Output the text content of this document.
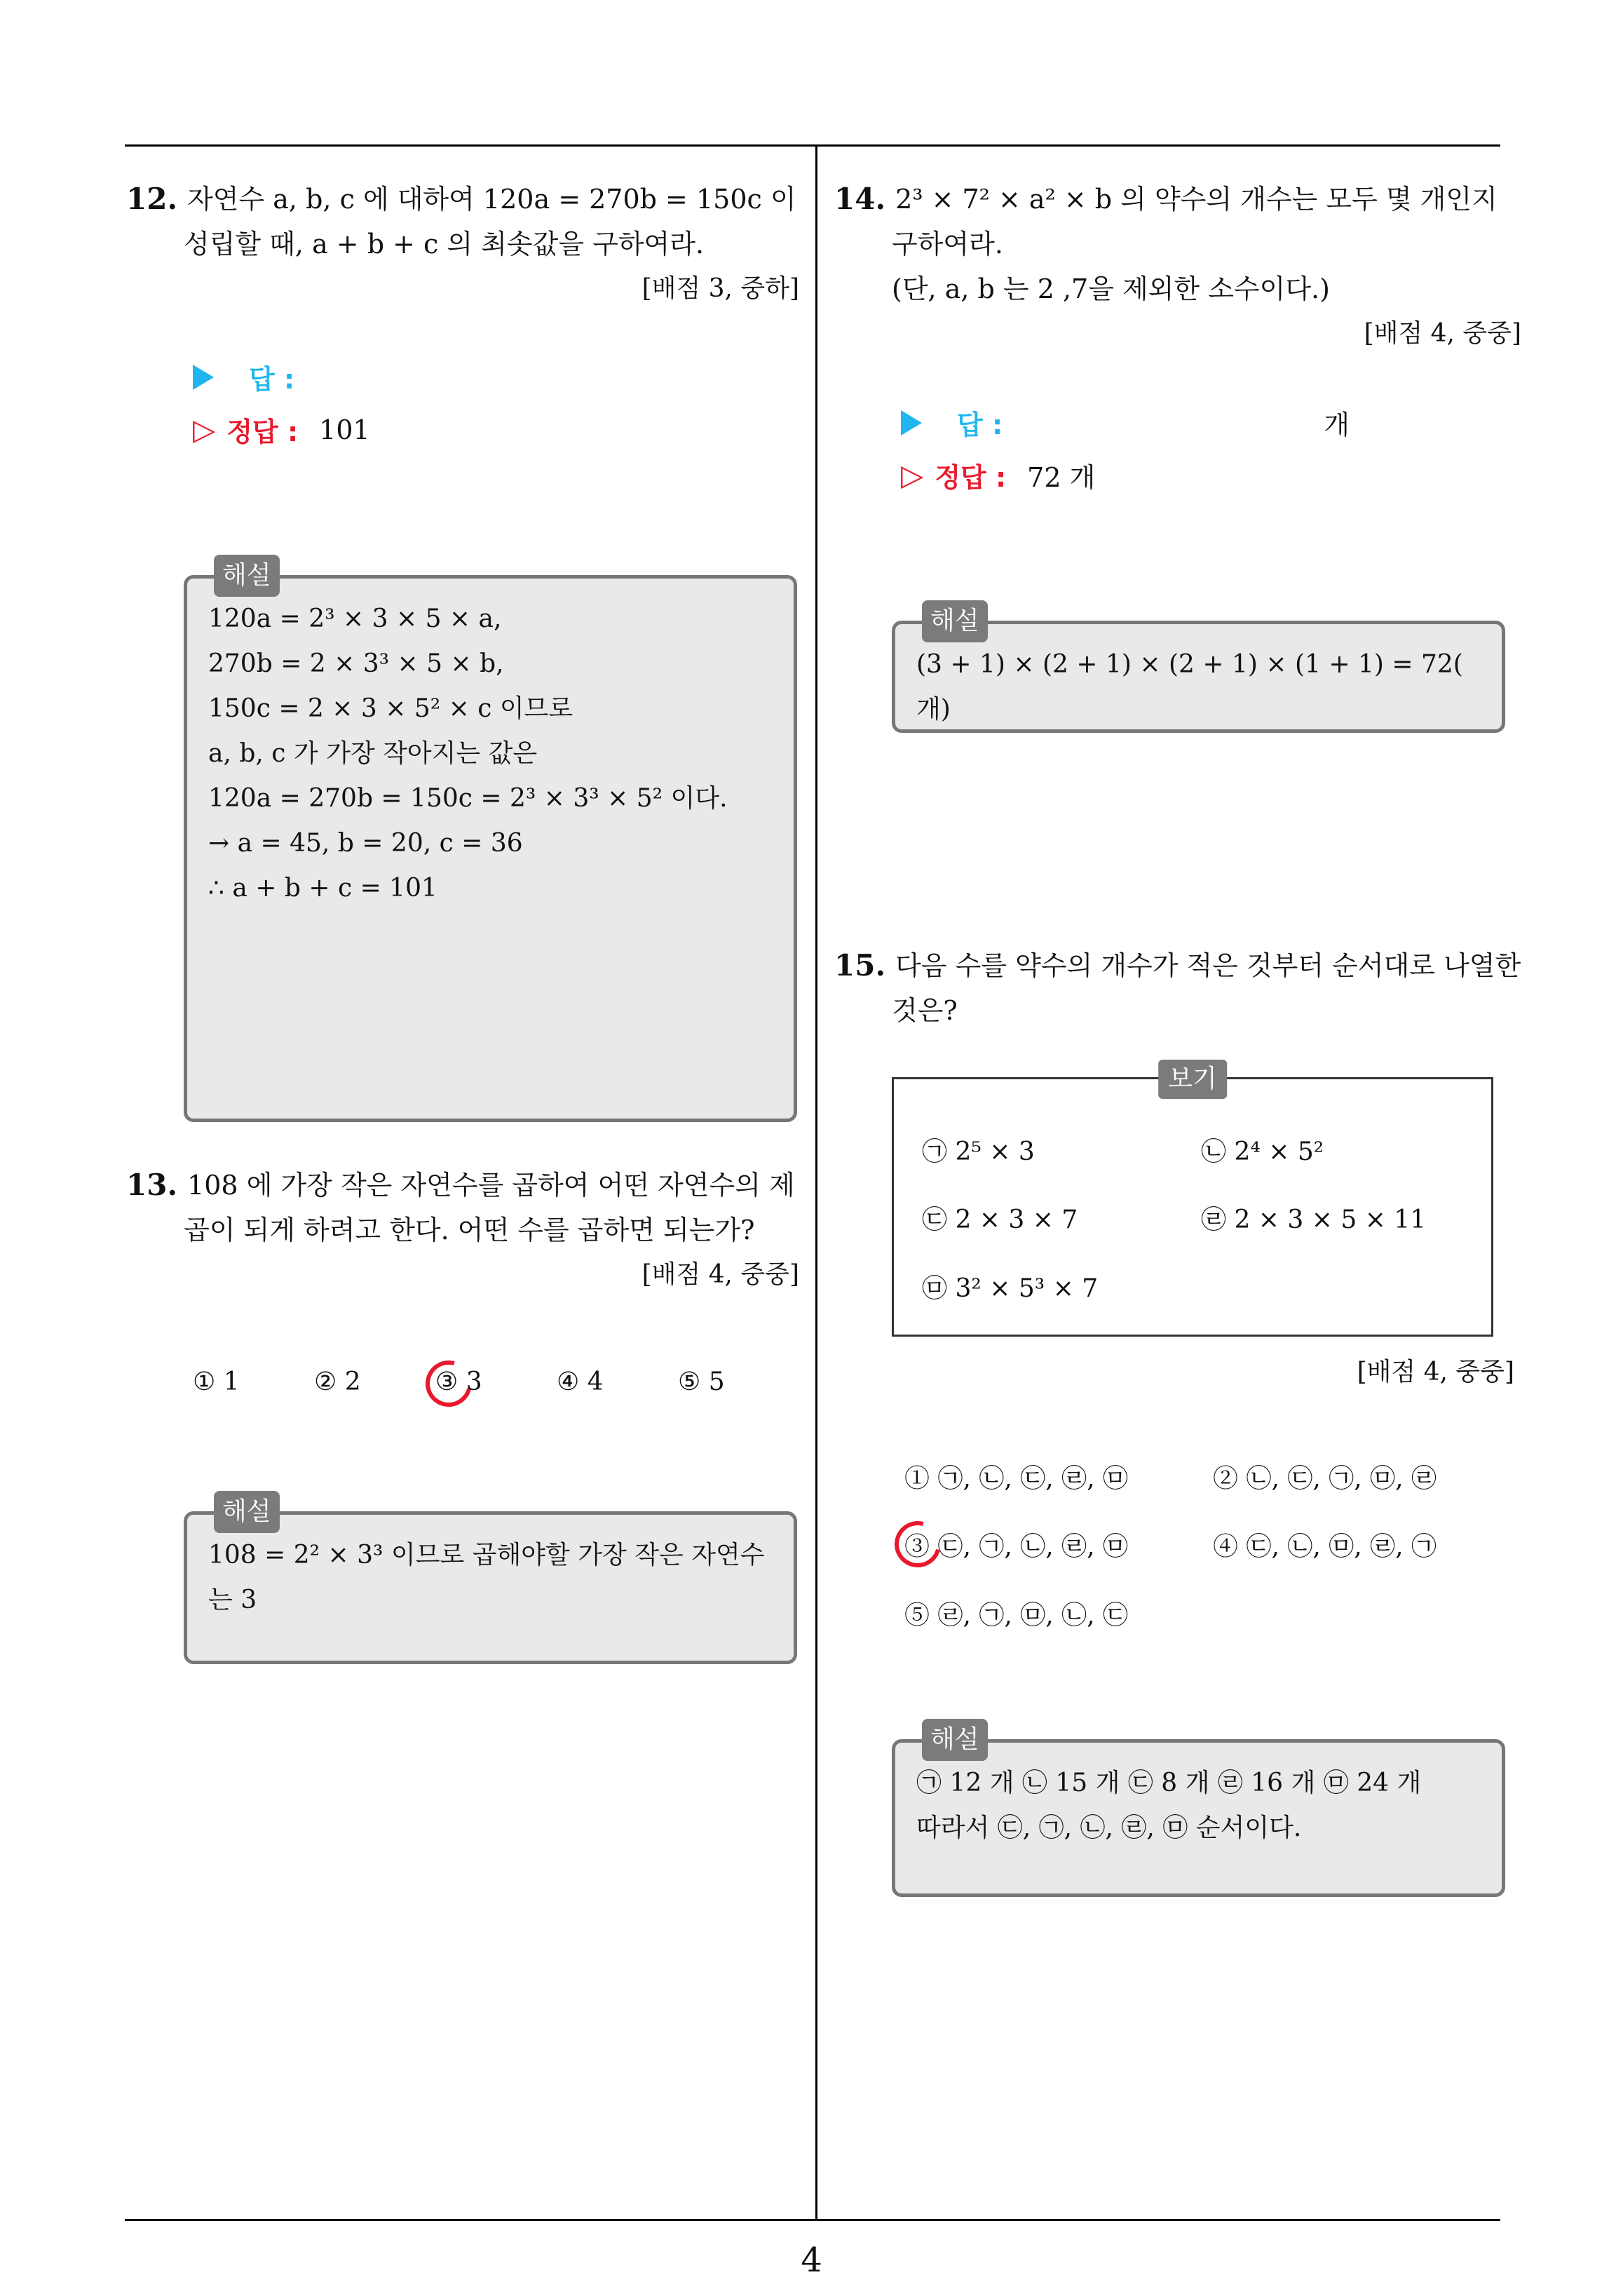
12. 자연수 a, b, c 에 대하여 120a = 270b = 150c 이
성립할 때, a + b + c 의 최솟값을 구하여라.
[배점 3, 중하]
답 :
▷ 정답 : 101
해설
120a = 2³ × 3 × 5 × a,
270b = 2 × 3³ × 5 × b,
150c = 2 × 3 × 5² × c 이므로
a, b, c 가 가장 작아지는 값은
120a = 270b = 150c = 2³ × 3³ × 5² 이다.
→ a = 45, b = 20, c = 36
∴ a + b + c = 101
13. 108 에 가장 작은 자연수를 곱하여 어떤 자연수의 제
곱이 되게 하려고 한다. 어떤 수를 곱하면 되는가?
[배점 4, 중중]
① 1	② 2	③ 3	④ 4	⑤ 5
해설
108 = 2² × 3³ 이므로 곱해야할 가장 작은 자연수
는 3
14. 2³ × 7² × a² × b 의 약수의 개수는 모두 몇 개인지
구하여라.
(단, a, b 는 2 ,7을 제외한 소수이다.)
[배점 4, 중중]
답 :	개
▷ 정답 : 72 개
해설
(3 + 1) × (2 + 1) × (2 + 1) × (1 + 1) = 72( 개)
15. 다음 수를 약수의 개수가 적은 것부터 순서대로 나열한
것은?
보기
㉠ 2⁵ × 3	㉡ 2⁴ × 5²
㉢ 2 × 3 × 7	㉣ 2 × 3 × 5 × 11
㉤ 3² × 5³ × 7
[배점 4, 중중]
① ㉠, ㉡, ㉢, ㉣, ㉤	② ㉡, ㉢, ㉠, ㉤, ㉣
③ ㉢, ㉠, ㉡, ㉣, ㉤	④ ㉢, ㉡, ㉤, ㉣, ㉠
⑤ ㉣, ㉠, ㉤, ㉡, ㉢
해설
㉠ 12 개 ㉡ 15 개 ㉢ 8 개 ㉣ 16 개 ㉤ 24 개
따라서 ㉢, ㉠, ㉡, ㉣, ㉤ 순서이다.
4
